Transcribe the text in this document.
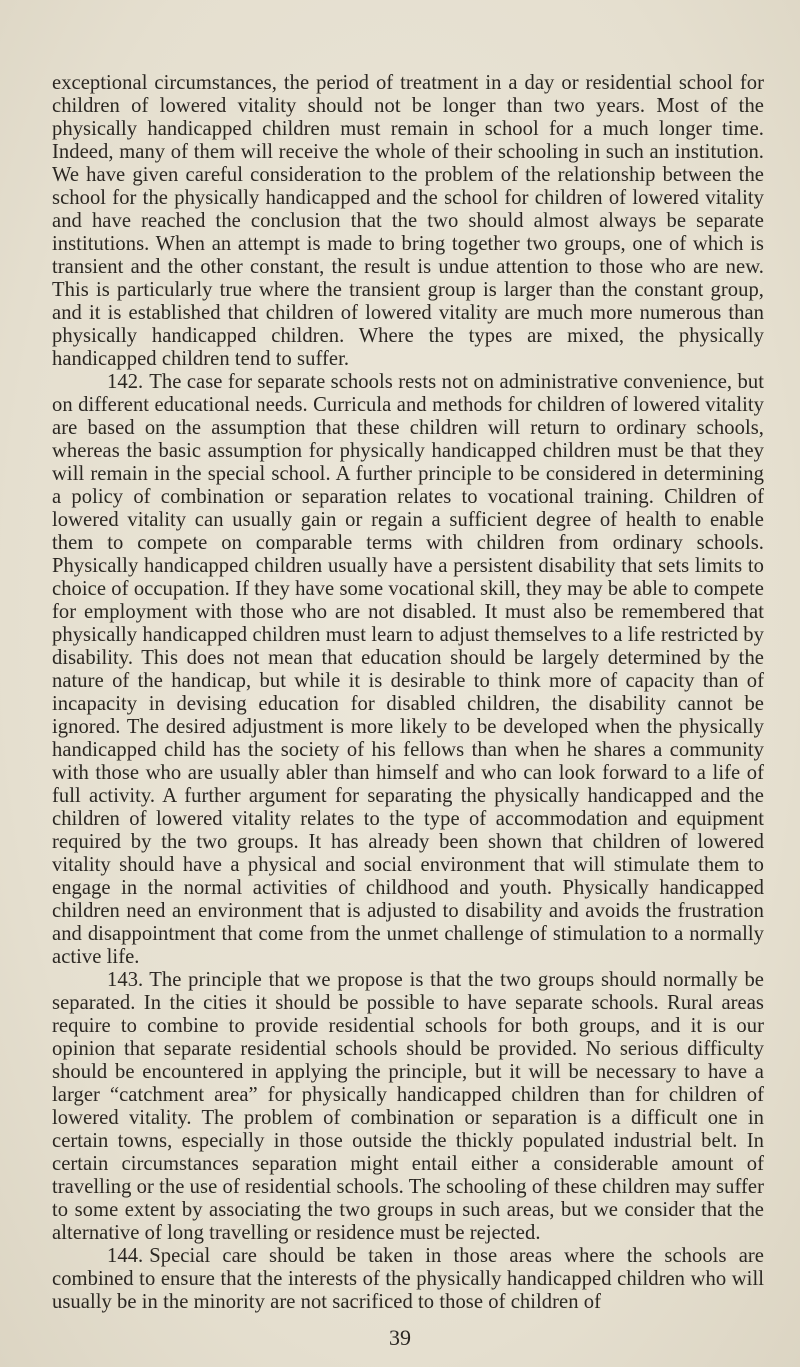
exceptional circumstances, the period of treatment in a day or residential school for children of lowered vitality should not be longer than two years. Most of the physically handicapped children must remain in school for a much longer time. Indeed, many of them will receive the whole of their schooling in such an institution. We have given careful consideration to the problem of the relationship between the school for the physically handicapped and the school for children of lowered vitality and have reached the conclusion that the two should almost always be separate institutions. When an attempt is made to bring together two groups, one of which is transient and the other constant, the result is undue attention to those who are new. This is particularly true where the transient group is larger than the constant group, and it is established that children of lowered vitality are much more numerous than physically handicapped children. Where the types are mixed, the physically handicapped children tend to suffer.

142. The case for separate schools rests not on administrative convenience, but on different educational needs. Curricula and methods for children of lowered vitality are based on the assumption that these children will return to ordinary schools, whereas the basic assumption for physically handicapped children must be that they will remain in the special school. A further principle to be considered in determining a policy of combination or separation relates to vocational training. Children of lowered vitality can usually gain or regain a sufficient degree of health to enable them to compete on comparable terms with children from ordinary schools. Physically handicapped children usually have a persistent disability that sets limits to choice of occupation. If they have some vocational skill, they may be able to compete for employment with those who are not disabled. It must also be remembered that physically handicapped children must learn to adjust themselves to a life restricted by disability. This does not mean that education should be largely determined by the nature of the handicap, but while it is desirable to think more of capacity than of incapacity in devising education for disabled children, the disability cannot be ignored. The desired adjustment is more likely to be developed when the physically handicapped child has the society of his fellows than when he shares a community with those who are usually abler than himself and who can look forward to a life of full activity. A further argument for separating the physically handicapped and the children of lowered vitality relates to the type of accommodation and equipment required by the two groups. It has already been shown that children of lowered vitality should have a physical and social environment that will stimulate them to engage in the normal activities of childhood and youth. Physically handicapped children need an environment that is adjusted to disability and avoids the frustration and disappointment that come from the unmet challenge of stimulation to a normally active life.

143. The principle that we propose is that the two groups should normally be separated. In the cities it should be possible to have separate schools. Rural areas require to combine to provide residential schools for both groups, and it is our opinion that separate residential schools should be provided. No serious difficulty should be encountered in applying the principle, but it will be necessary to have a larger “catchment area” for physically handicapped children than for children of lowered vitality. The problem of combination or separation is a difficult one in certain towns, especially in those outside the thickly populated industrial belt. In certain circumstances separation might entail either a considerable amount of travelling or the use of residential schools. The schooling of these children may suffer to some extent by associating the two groups in such areas, but we consider that the alternative of long travelling or residence must be rejected.

144. Special care should be taken in those areas where the schools are combined to ensure that the interests of the physically handicapped children who will usually be in the minority are not sacrificed to those of children of

39
